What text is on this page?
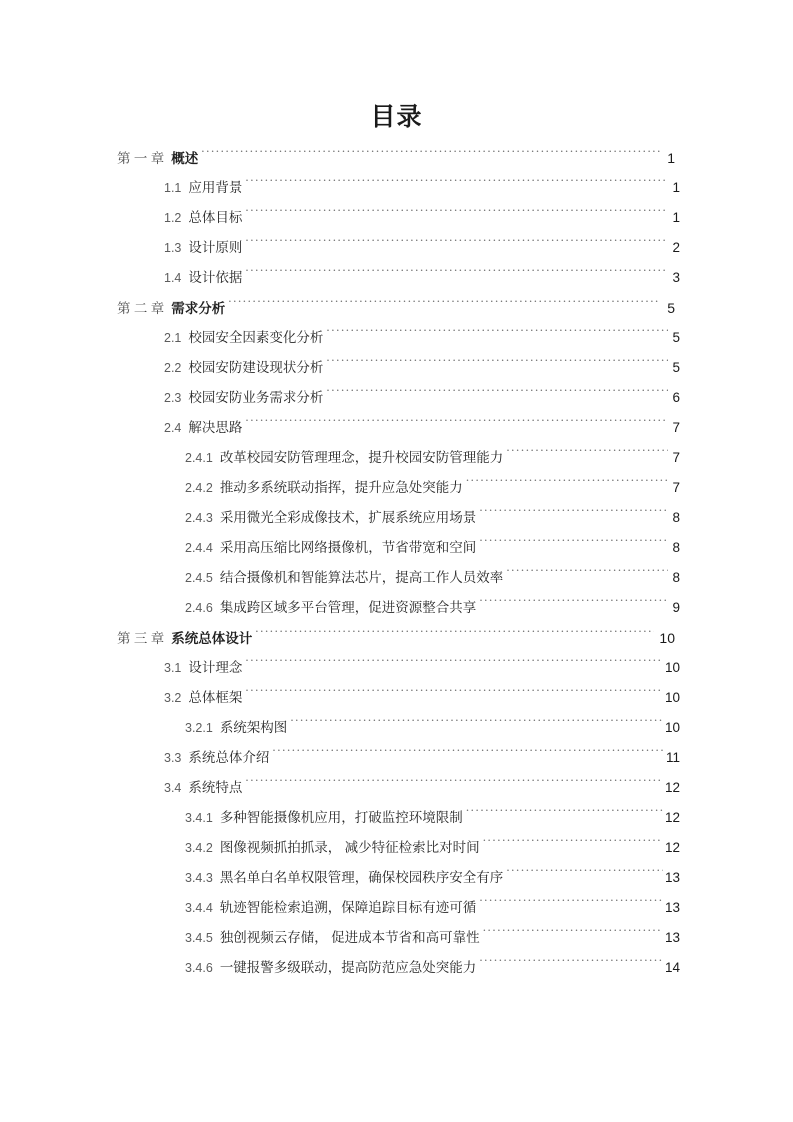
目录
第 一 章 概述 .....	1
1.1 应用背景 .....	1
1.2 总体目标 .....	1
1.3 设计原则 .....	2
1.4 设计依据 .....	3
第 二 章 需求分析 .....	5
2.1 校园安全因素变化分析 .....	5
2.2 校园安防建设现状分析 .....	5
2.3 校园安防业务需求分析 .....	6
2.4 解决思路 .....	7
2.4.1 改革校园安防管理理念，提升校园安防管理能力 .....	7
2.4.2 推动多系统联动指挥，提升应急处突能力 .....	7
2.4.3 采用微光全彩成像技术，扩展系统应用场景 .....	8
2.4.4 采用高压缩比网络摄像机，节省带宽和空间 .....	8
2.4.5 结合摄像机和智能算法芯片，提高工作人员效率 .....	8
2.4.6 集成跨区域多平台管理，促进资源整合共享 .....	9
第 三 章 系统总体设计 .....	10
3.1 设计理念 .....	10
3.2 总体框架 .....	10
3.2.1 系统架构图 .....	10
3.3 系统总体介绍 .....	11
3.4 系统特点 .....	12
3.4.1 多种智能摄像机应用，打破监控环境限制 .....	12
3.4.2 图像视频抓拍抓录， 减少特征检索比对时间 .....	12
3.4.3 黑名单白名单权限管理，确保校园秩序安全有序 .....	13
3.4.4 轨迹智能检索追溯，保障追踪目标有迹可循 .....	13
3.4.5 独创视频云存储， 促进成本节省和高可靠性 .....	13
3.4.6 一键报警多级联动，提高防范应急处突能力 .....	14
